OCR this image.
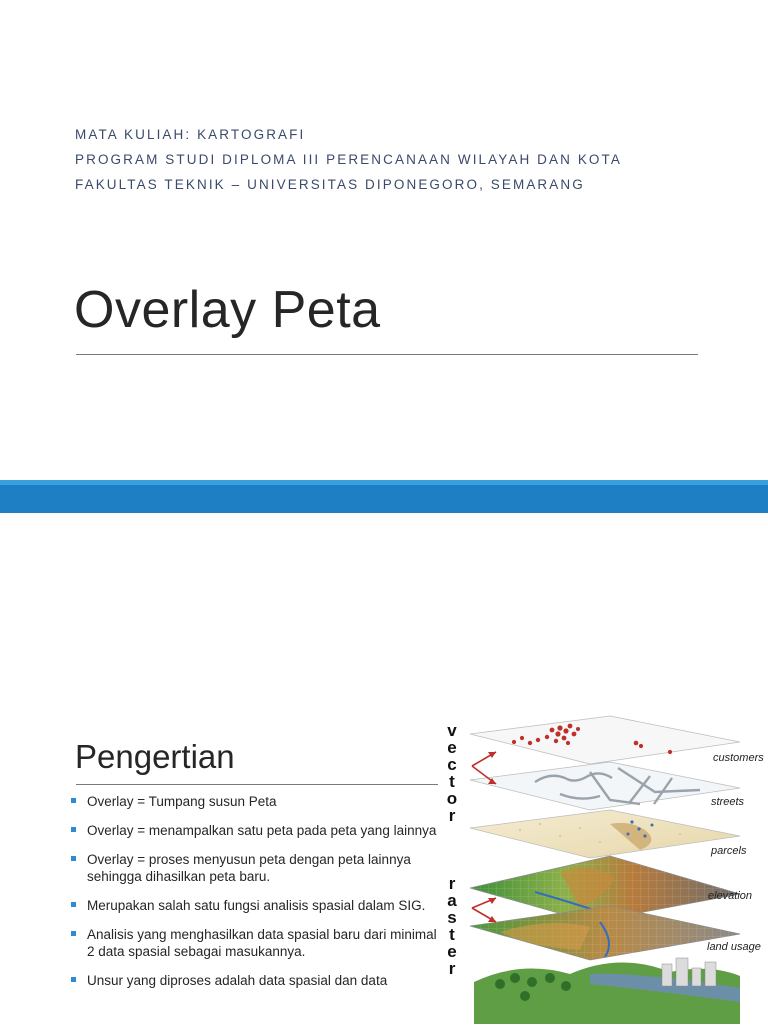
MATA KULIAH: KARTOGRAFI
PROGRAM STUDI DIPLOMA III PERENCANAAN WILAYAH DAN KOTA
FAKULTAS TEKNIK – UNIVERSITAS DIPONEGORO, SEMARANG
Overlay Peta
Pengertian
Overlay = Tumpang susun Peta
Overlay = menampalkan satu peta pada peta yang lainnya
Overlay = proses menyusun peta dengan peta lainnya sehingga dihasilkan peta baru.
Merupakan salah satu fungsi analisis spasial dalam SIG.
Analisis yang menghasilkan data spasial baru dari minimal 2 data spasial sebagai masukannya.
Unsur yang diproses adalah data spasial dan data
v
e
c
t
o
r
r
a
s
t
e
r
customers
streets
parcels
elevation
land usage
